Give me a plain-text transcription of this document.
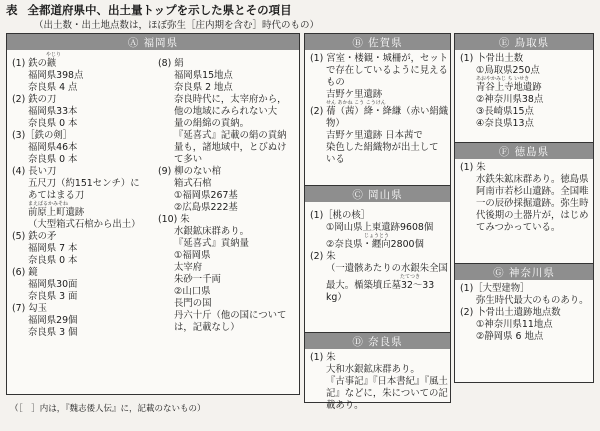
表 全都道府県中、出土量トップを示した県とその項目
（出土数・出土地点数は，ほぼ弥生［庄内期を含む］時代のもの）
Ⓐ 福岡県
やじり
(1) 鉄の鏃
福岡県398点
奈良県 4 点
(2) 鉄の刀
福岡県33本
奈良県 0 本
(3)［鉄の剣］
福岡県46本
奈良県 0 本
(4) 長い刀
五尺刀（約151センチ）に
あてはまる刀
まえばるかみそね
前原上町遺跡
（大型箱式石棺から出土）
(5) 鉄の矛
福岡県 7 本
奈良県 0 本
(6) 鏡
福岡県30面
奈良県 3 面
(7) 勾玉
福岡県29個
奈良県 3 個
(8) 絹
福岡県15地点
奈良県 2 地点
奈良時代に，太宰府から，
他の地域にみられない大
量の絹綿の貢納。
『延喜式』記載の絹の貢納
量も，諸地域中，とびぬけ
て多い
(9) 柳のない棺
箱式石棺
①福岡県267基
②広島県222基
(10) 朱
水銀鉱床群あり。
『延喜式』貢納量
①福岡県
太宰府
朱砂一千両
②山口県
長門の国
丹六十斤（他の国について
は，記載なし）
Ⓑ 佐賀県
(1) 宮室・楼観・城柵が，セット
で存在しているように見える
もの
吉野ケ里遺跡
せん あかね こう こうけん
(2) 蒨（茜）絳・絳縑（赤い絹織
物）
吉野ケ里遺跡 日本茜で
染色した絹織物が出土して
いる
Ⓒ 岡山県
(1)［桃の核］
①岡山県上東遺跡9608個
じょうとう
②奈良県・纒向2800個
(2) 朱
（一遺骸あたりの水銀朱全国
たてつき
最大。楯築墳丘墓32～33
kg）
Ⓓ 奈良県
(1) 朱
大和水銀鉱床群あり。
『古事記』『日本書紀』『風土
記』などに，朱についての記
載あり。
Ⓔ 鳥取県
(1) 卜骨出土数
①鳥取県250点
あおやかみじ ち いせき
青谷上寺地遺跡
②神奈川県38点
③長崎県15点
④奈良県13点
Ⓕ 徳島県
(1) 朱
水鉄朱鉱床群あり。徳島県
阿南市若杉山遺跡。全国唯
一の辰砂採掘遺跡。弥生時
代後期の土器片が，はじめ
てみつかっている。
Ⓖ 神奈川県
(1)［大型建物］
弥生時代最大のものあり。
(2) 卜骨出土遺跡地点数
①神奈川県11地点
②静岡県 6 地点
（［　］内は，『魏志倭人伝』に，記載のないもの）
